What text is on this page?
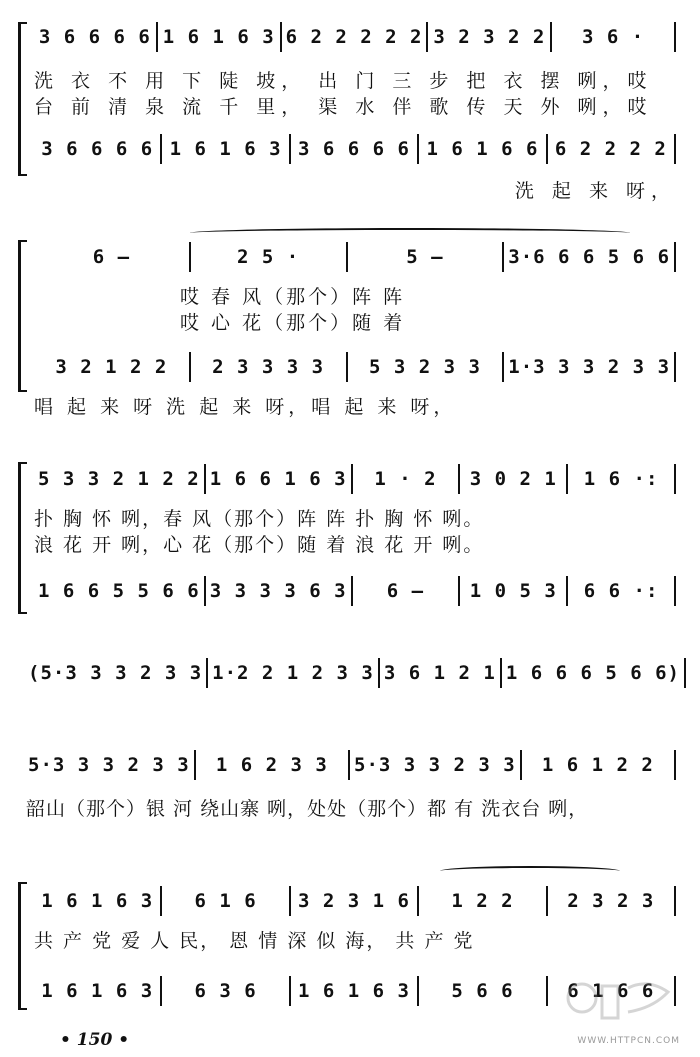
3 6 6 6 6 1 6 1 6 3 6 2 2 2 2 2 3 2 3 2 2	3 6 ·
洗 衣 不 用 下 陡 坡， 出 门 三 步 把 衣 摆 咧，哎
台 前 清 泉 流 千 里， 渠 水 伴 歌 传 天 外 咧，哎
3 6 6 6 6 1 6 1 6 3 3 6 6 6 6 1 6 1 6 6 6 2 2 2 2
洗 起 来 呀，
6 —	2 5 ·	5 —	3·6 6 6 5 6 6
哎 春 风（那个）阵 阵
哎 心 花（那个）随 着
3 2 1 2 2	2 3 3 3 3	5 3 2 3 3	1·3 3 3 2 3 3
唱 起 来 呀 洗 起 来 呀，唱 起 来 呀，
5 3 3 2 1 2 2 1 6 6 1 6 3	1 · 2	3 0 2 1	1 6 ·:
扑 胸 怀 咧，春 风（那个）阵 阵 扑 胸 怀 咧。
浪 花 开 咧，心 花（那个）随 着 浪 花 开 咧。
1 6 6 5 5 6 6 3 3 3 3 6 3	6 —	1 0 5 3	6 6 ·:
(5·3 3 3 2 3 3 1·2 2 1 2 3 3 3 6 1 2 1 1 6 6 6 5 6 6)
5·3 3 3 2 3 3	1 6 2 3 3	5·3 3 3 2 3 3	1 6 1 2 2
韶山（那个）银 河 绕山寨 咧，处处（那个）都 有 洗衣台 咧，
1 6 1 6 3	6 1 6	3 2 3 1 6	1 2 2	2 3 2 3
共 产 党 爱 人 民， 恩 情 深 似 海， 共 产 党
1 6 1 6 3	6 3 6	1 6 1 6 3	5 6 6	6 1 6 6
WWW.HTTPCN.COM
• 150 •
